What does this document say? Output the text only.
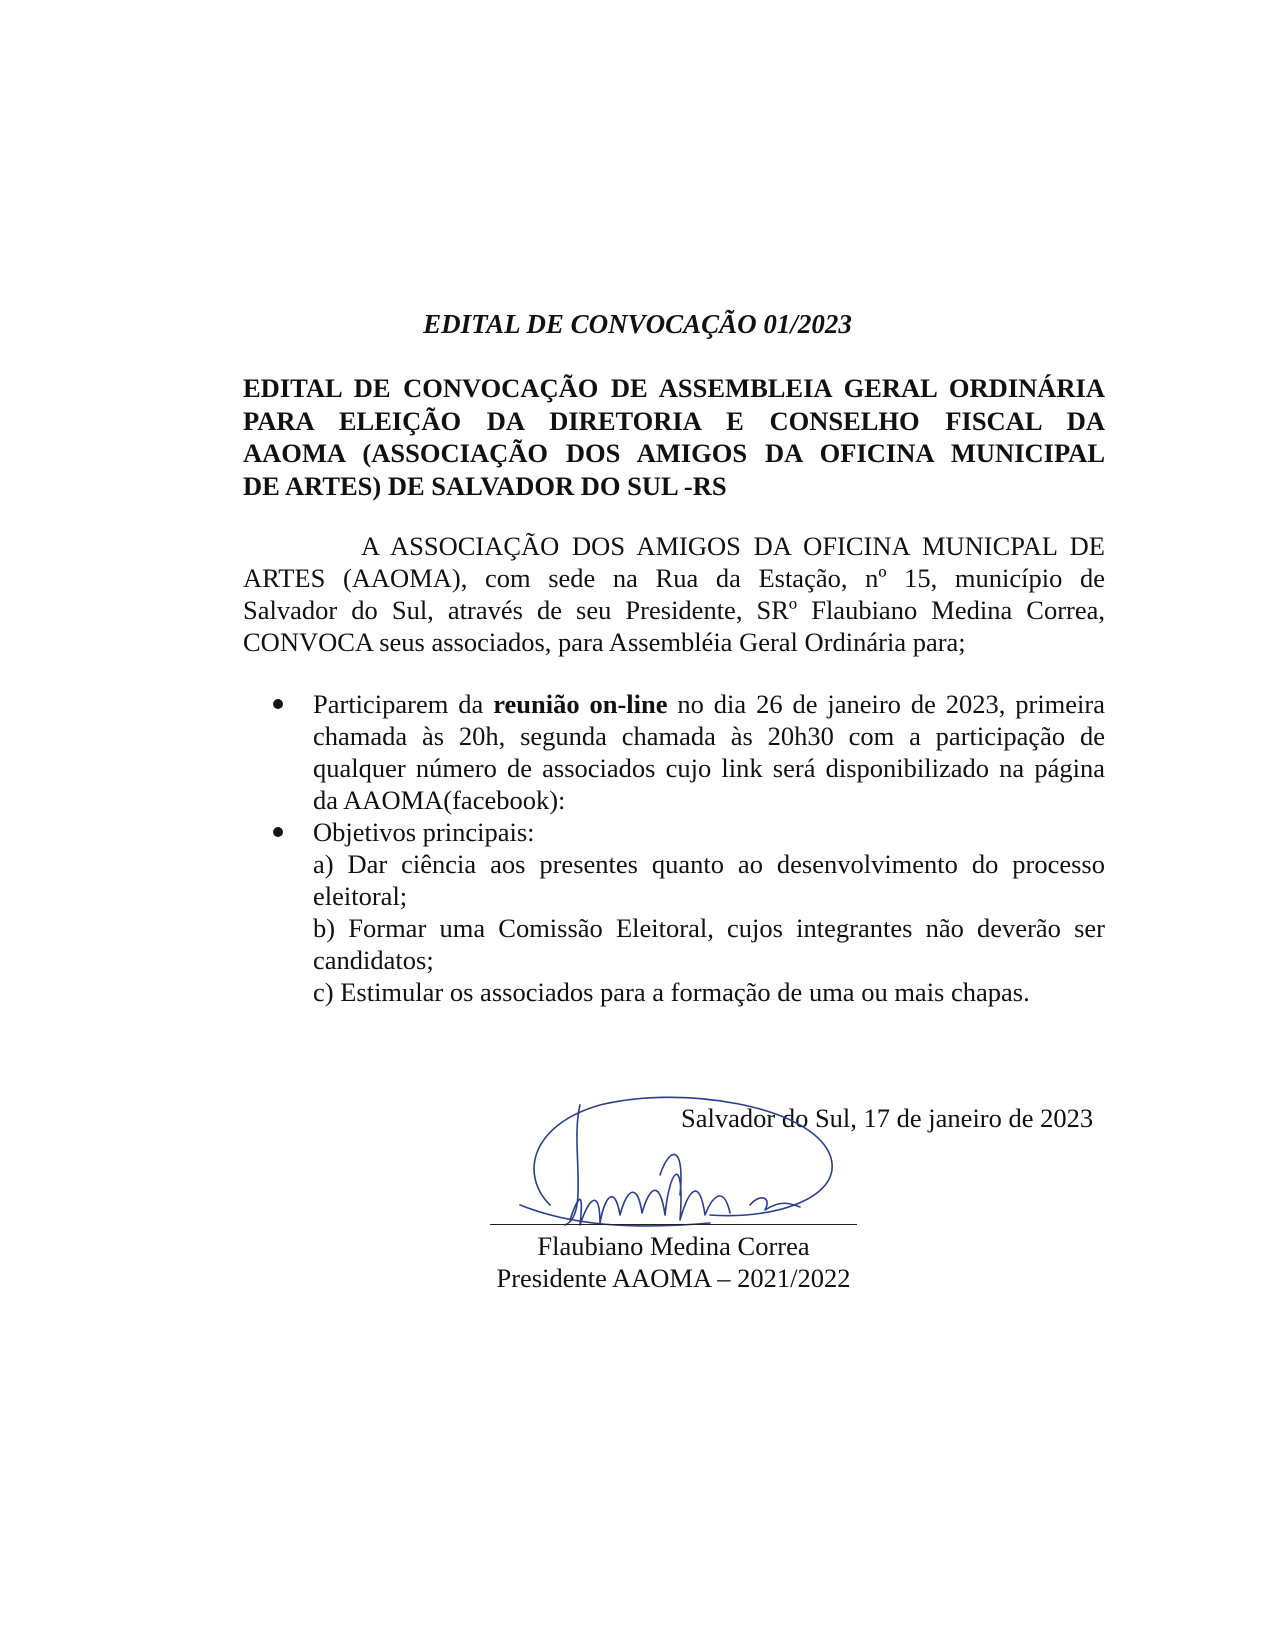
EDITAL DE CONVOCAÇÃO 01/2023
EDITAL DE CONVOCAÇÃO DE ASSEMBLEIA GERAL ORDINÁRIA
PARA ELEIÇÃO DA DIRETORIA E CONSELHO FISCAL DA
AAOMA (ASSOCIAÇÃO DOS AMIGOS DA OFICINA MUNICIPAL
DE ARTES) DE SALVADOR DO SUL -RS
A ASSOCIAÇÃO DOS AMIGOS DA OFICINA MUNICPAL DE
ARTES (AAOMA), com sede na Rua da Estação, nº 15, município de
Salvador do Sul, através de seu Presidente, SRº Flaubiano Medina Correa,
CONVOCA seus associados, para Assembléia Geral Ordinária para;
Participarem da reunião on-line no dia 26 de janeiro de 2023, primeira
chamada às 20h, segunda chamada às 20h30 com a participação de
qualquer número de associados cujo link será disponibilizado na página
da AAOMA(facebook):
Objetivos principais:
a) Dar ciência aos presentes quanto ao desenvolvimento do processo
eleitoral;
b) Formar uma Comissão Eleitoral, cujos integrantes não deverão ser
candidatos;
c) Estimular os associados para a formação de uma ou mais chapas.
Salvador do Sul, 17 de janeiro de 2023
Flaubiano Medina Correa
Presidente AAOMA – 2021/2022
